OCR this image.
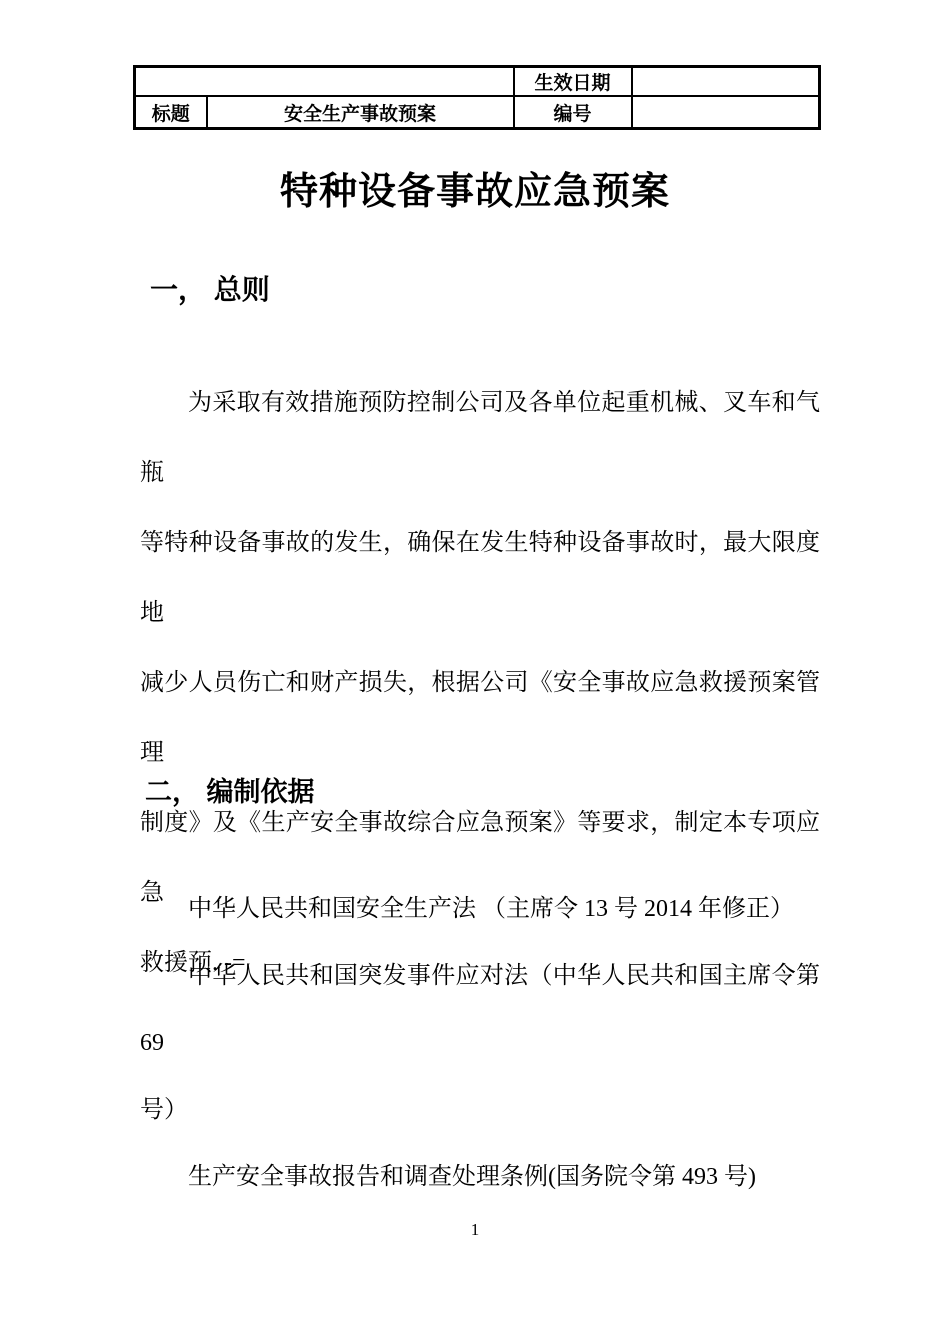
		生效日期	
标题	安全生产事故预案	编号	
特种设备事故应急预案
一， 总则
为采取有效措施预防控制公司及各单位起重机械、叉车和气瓶
等特种设备事故的发生，确保在发生特种设备事故时，最大限度地
减少人员伤亡和财产损失，根据公司《安全事故应急救援预案管理
制度》及《生产安全事故综合应急预案》等要求，制定本专项应急
救援预. -=
二， 编制依据
中华人民共和国安全生产法 （主席令 13 号 2014 年修正）
中华人民共和国突发事件应对法（中华人民共和国主席令第 69
号）
生产安全事故报告和调查处理条例(国务院令第 493 号)
1
